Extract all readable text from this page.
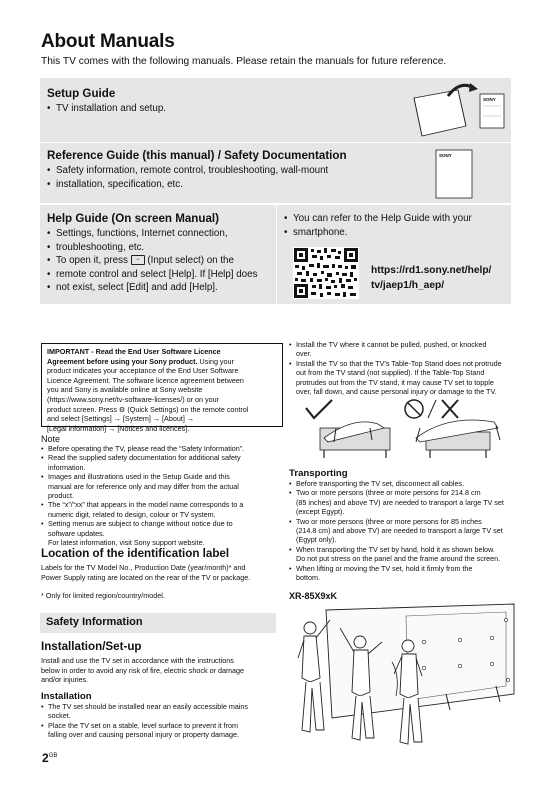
About Manuals
This TV comes with the following manuals. Please retain the manuals for future reference.
Setup Guide
• TV installation and setup.
SONY
Reference Guide (this manual) / Safety Documentation
• Safety information, remote control, troubleshooting, wall-mount
• installation, specification, etc.
SONY
Help Guide (On screen Manual)
• Settings, functions, Internet connection,
• troubleshooting, etc.
• To open it, press → (Input select) on the
• remote control and select [Help]. If [Help] does
• not exist, select [Edit] and add [Help].
• You can refer to the Help Guide with your
• smartphone.
https://rd1.sony.net/help/
tv/jaep1/h_aep/
IMPORTANT - Read the End User Software Licence
Agreement before using your Sony product. Using your
product indicates your acceptance of the End User Software
Licence Agreement. The software licence agreement between
you and Sony is available online at Sony website
(https://www.sony.net/tv-software-licenses/) or on your
product screen. Press ⚙ (Quick Settings) on the remote control
and select [Settings] → [System] → [About] →
[Legal information] → [Notices and licences].
Note
• Before operating the TV, please read the “Safety Information”.
• Read the supplied safety documentation for additional safety
information.
• Images and illustrations used in the Setup Guide and this
manual are for reference only and may differ from the actual
product.
• The “x”/“xx” that appears in the model name corresponds to a
numeric digit, related to design, colour or TV system.
• Setting menus are subject to change without notice due to
software updates.
For latest information, visit Sony support website.
Location of the identification label
Labels for the TV Model No., Production Date (year/month)* and
Power Supply rating are located on the rear of the TV or package.
* Only for limited region/country/model.
Safety Information
Installation/Set-up
Install and use the TV set in accordance with the instructions
below in order to avoid any risk of fire, electric shock or damage
and/or injuries.
Installation
• The TV set should be installed near an easily accessible mains
socket.
• Place the TV set on a stable, level surface to prevent it from
falling over and causing personal injury or property damage.
• Install the TV where it cannot be pulled, pushed, or knocked
over.
• Install the TV so that the TV’s Table-Top Stand does not protrude
out from the TV stand (not supplied). If the Table-Top Stand
protrudes out from the TV stand, it may cause TV set to topple
over, fall down, and cause personal injury or damage to the TV.
Transporting
• Before transporting the TV set, disconnect all cables.
• Two or more persons (three or more persons for 214.8 cm
(85 inches) and above TV) are needed to transport a large TV set
(except Egypt).
• Two or more persons (three or more persons for 85 inches
(214.8 cm) and above TV) are needed to transport a large TV set
(Egypt only).
• When transporting the TV set by hand, hold it as shown below.
Do not put stress on the panel and the frame around the screen.
• When lifting or moving the TV set, hold it firmly from the
bottom.
XR-85X9xK
$2^{GB}$
